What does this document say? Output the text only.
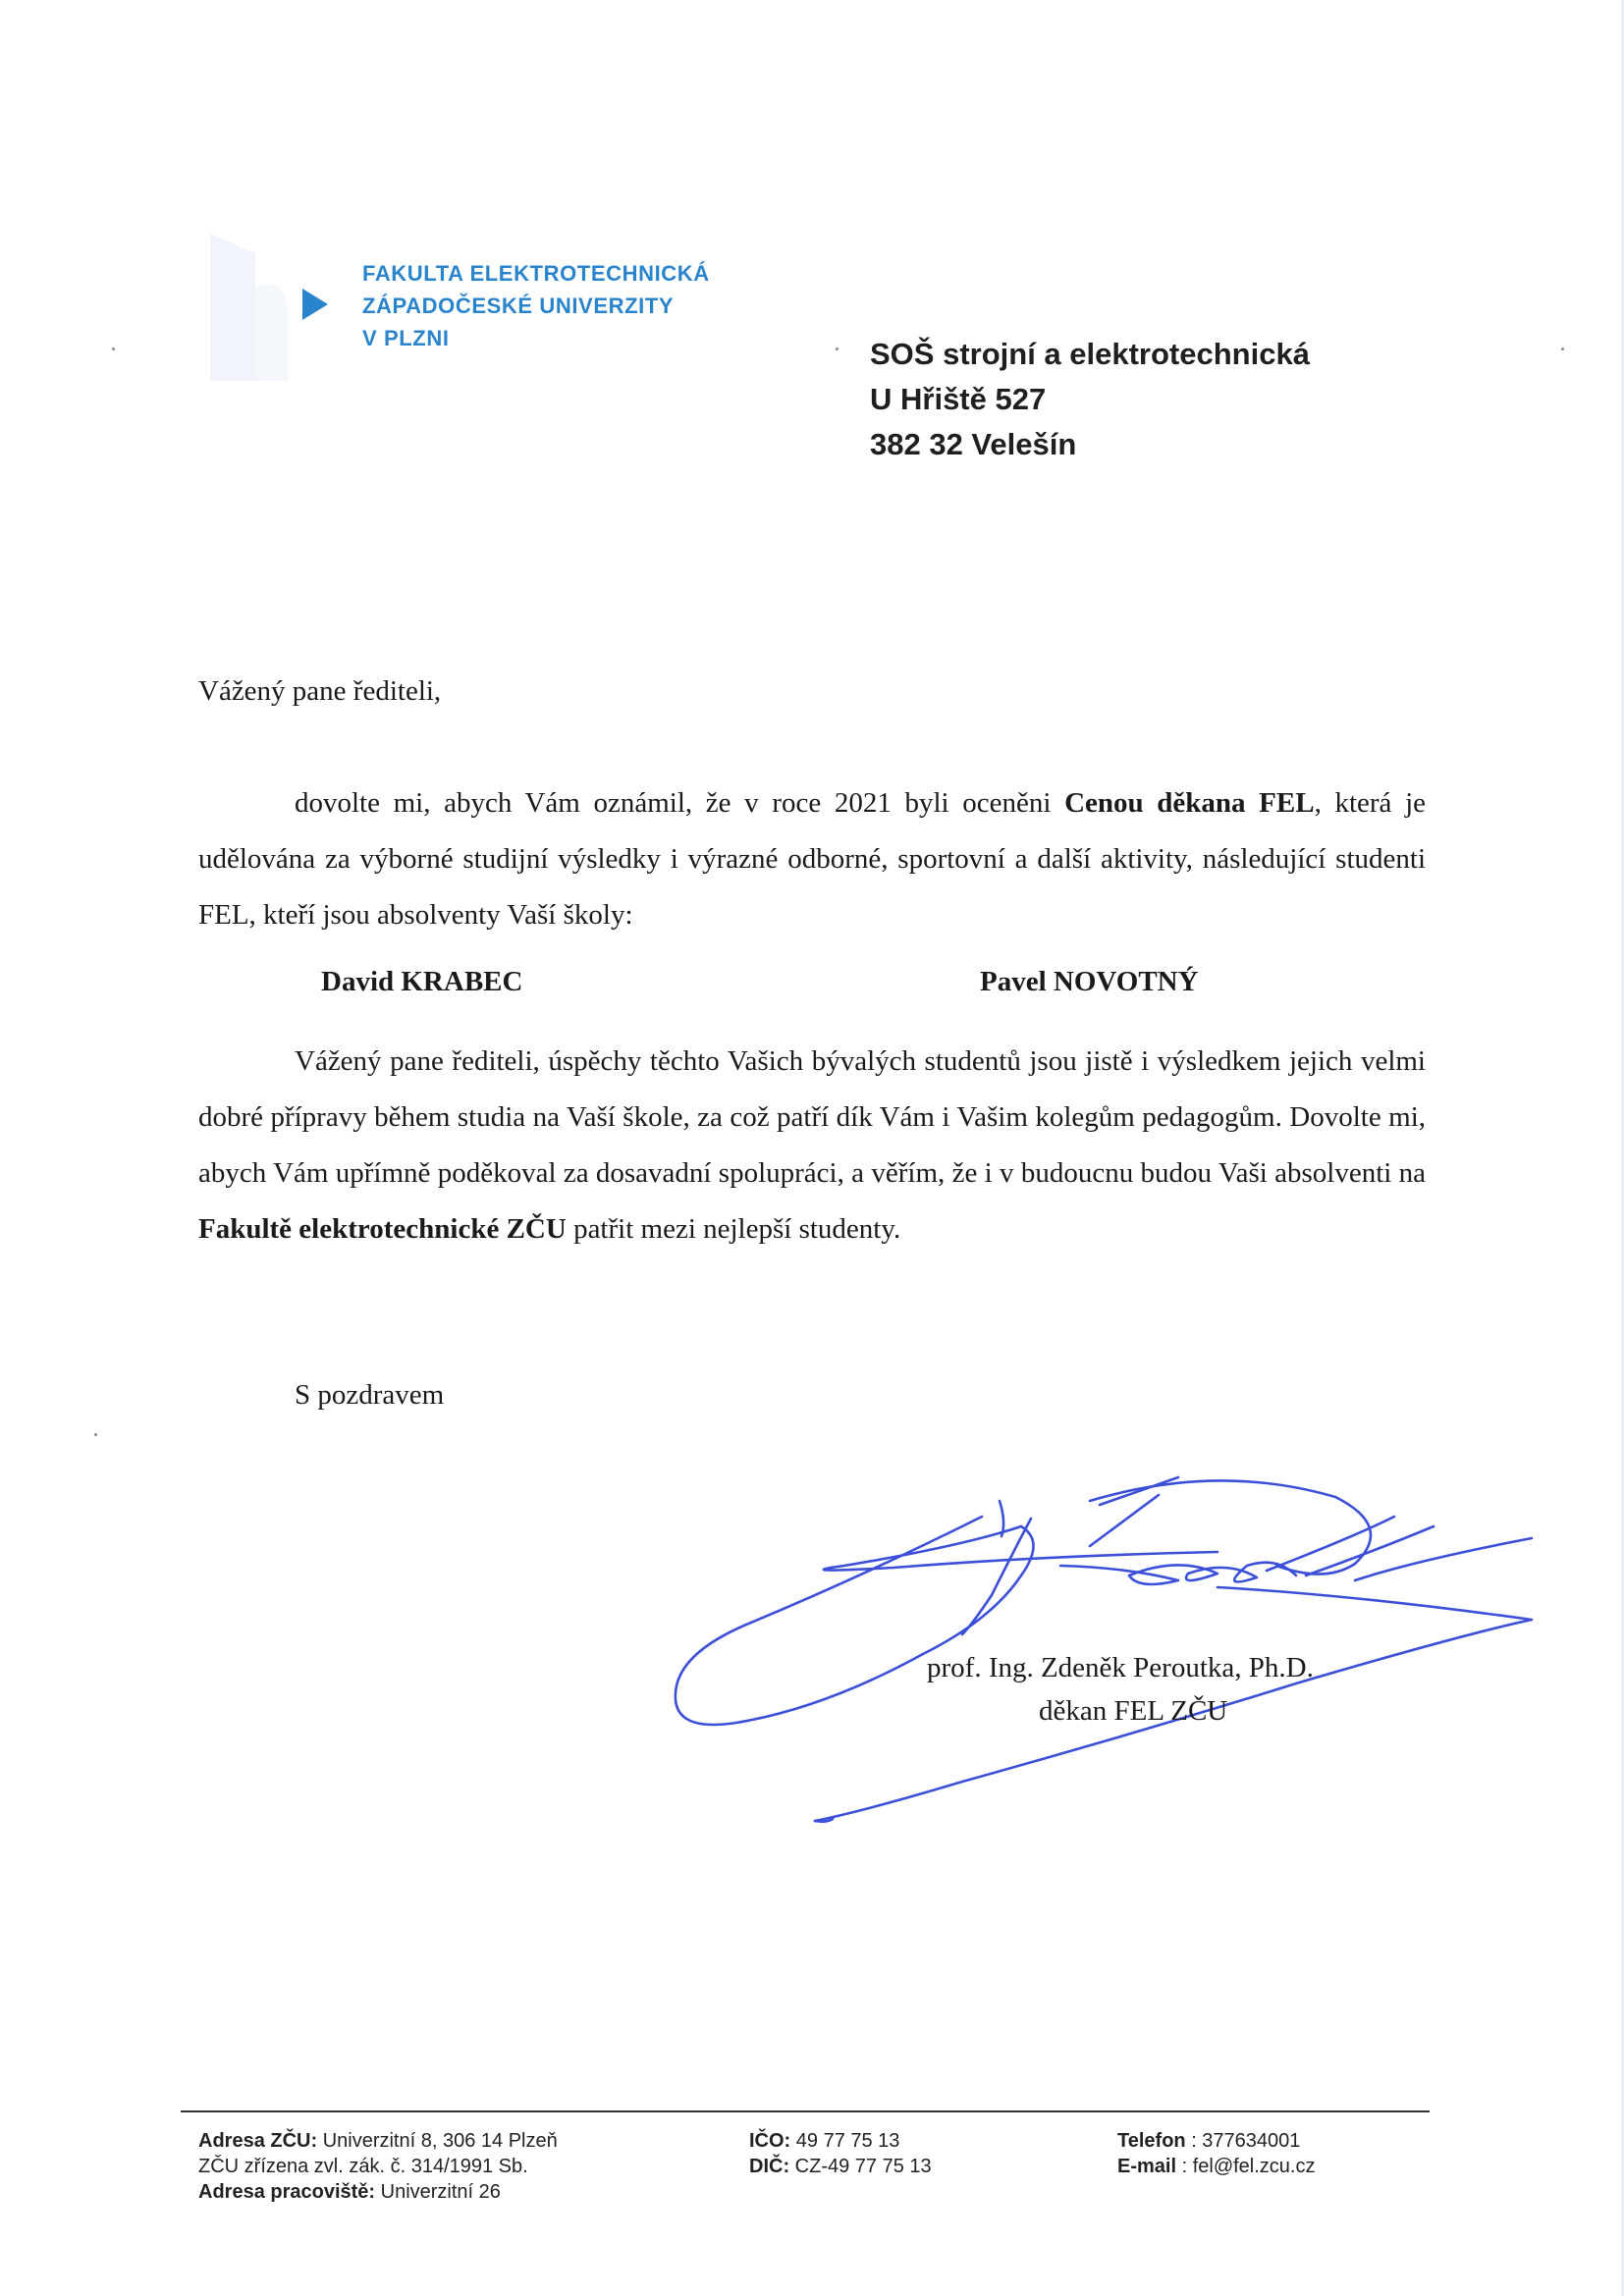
FAKULTA ELEKTROTECHNICKÁ
ZÁPADOČESKÉ UNIVERZITY
V PLZNI	SOŠ strojní a elektrotechnická
U Hřiště 527
382 32 Velešín
Vážený pane řediteli,
dovolte mi, abych Vám oznámil, že v roce 2021 byli oceněni Cenou děkana FEL, která je udělována za výborné studijní výsledky i výrazné odborné, sportovní a další aktivity, následující studenti FEL, kteří jsou absolventy Vaší školy:
David KRABEC	Pavel NOVOTNÝ
Vážený pane řediteli, úspěchy těchto Vašich bývalých studentů jsou jistě i výsledkem jejich velmi dobré přípravy během studia na Vaší škole, za což patří dík Vám i Vašim kolegům pedagogům. Dovolte mi, abych Vám upřímně poděkoval za dosavadní spolupráci, a věřím, že i v budoucnu budou Vaši absolventi na Fakultě elektrotechnické ZČU patřit mezi nejlepší studenty.
S pozdravem
prof. Ing. Zdeněk Peroutka, Ph.D.
děkan FEL ZČU
Adresa ZČU: Univerzitní 8, 306 14 Plzeň
ZČU zřízena zvl. zák. č. 314/1991 Sb.
Adresa pracoviště: Univerzitní 26
IČO: 49 77 75 13
DIČ: CZ-49 77 75 13
Telefon : 377634001
E-mail : fel@fel.zcu.cz
